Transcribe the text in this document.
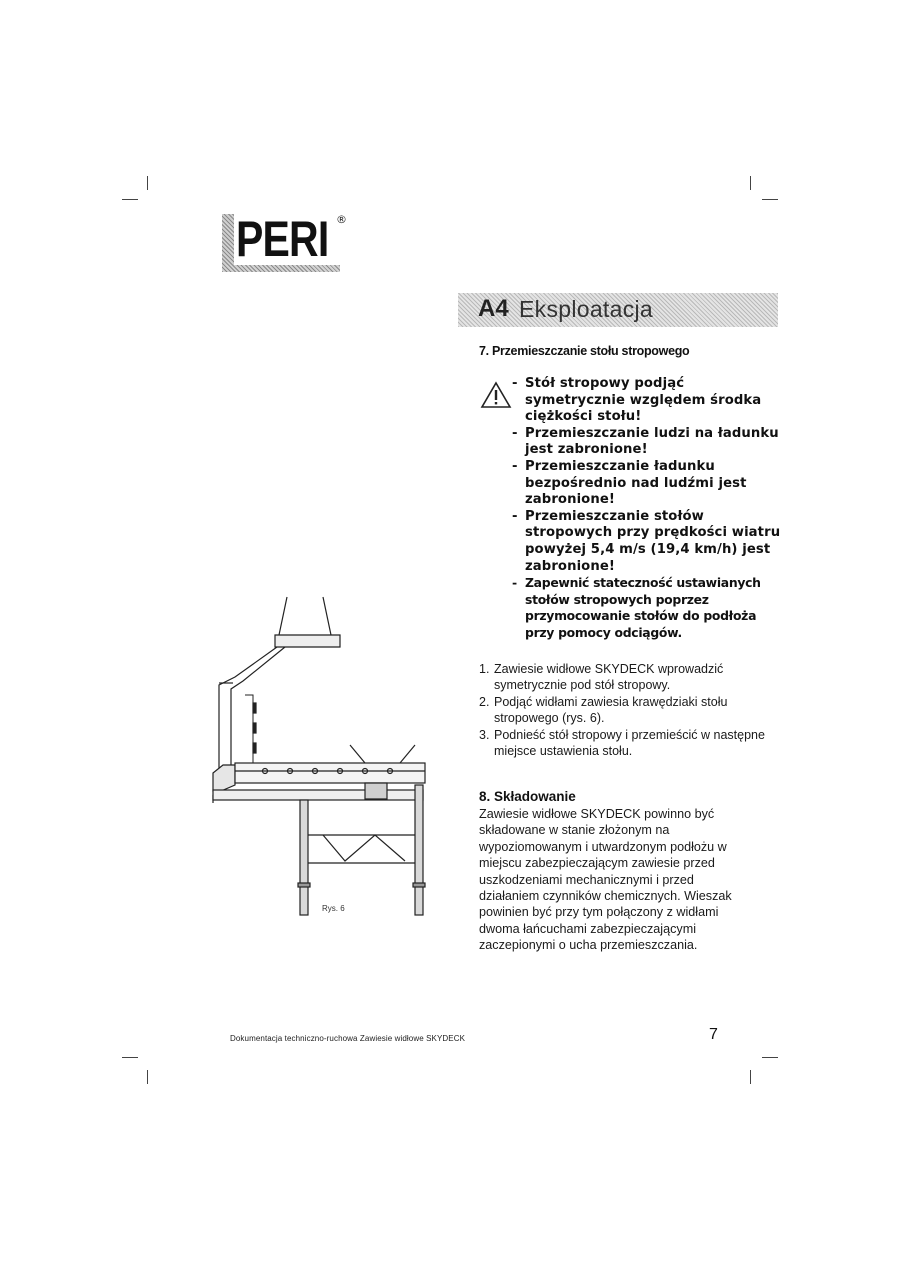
PERI ®
A4 Eksploatacja
7. Przemieszczanie stołu stropowego
- Stół stropowy podjąć symetrycznie względem środka ciężkości stołu!
- Przemieszczanie ludzi na ładunku jest zabronione!
- Przemieszczanie ładunku bezpośrednio nad ludźmi jest zabronione!
- Przemieszczanie stołów stropowych przy prędkości wiatru powyżej 5,4 m/s (19,4 km/h) jest zabronione!
- Zapewnić stateczność ustawianych stołów stropowych poprzez przymocowanie stołów do podłoża przy pomocy odciągów.
1. Zawiesie widłowe SKYDECK wprowadzić symetrycznie pod stół stropowy.
2. Podjąć widłami zawiesia krawędziaki stołu stropowego (rys. 6).
3. Podnieść stół stropowy i przemieścić w następne miejsce ustawienia stołu.
8. Składowanie
Zawiesie widłowe SKYDECK powinno być składowane w stanie złożonym na wypoziomowanym i utwardzonym podłożu w miejscu zabezpieczającym zawiesie przed uszkodzeniami mechanicznymi i przed działaniem czynników chemicznych. Wieszak powinien być przy tym połączony z widłami dwoma łańcuchami zabezpieczającymi zaczepionymi o ucha przemieszczania.
Rys. 6
Dokumentacja techniczno-ruchowa Zawiesie widłowe SKYDECK	7
